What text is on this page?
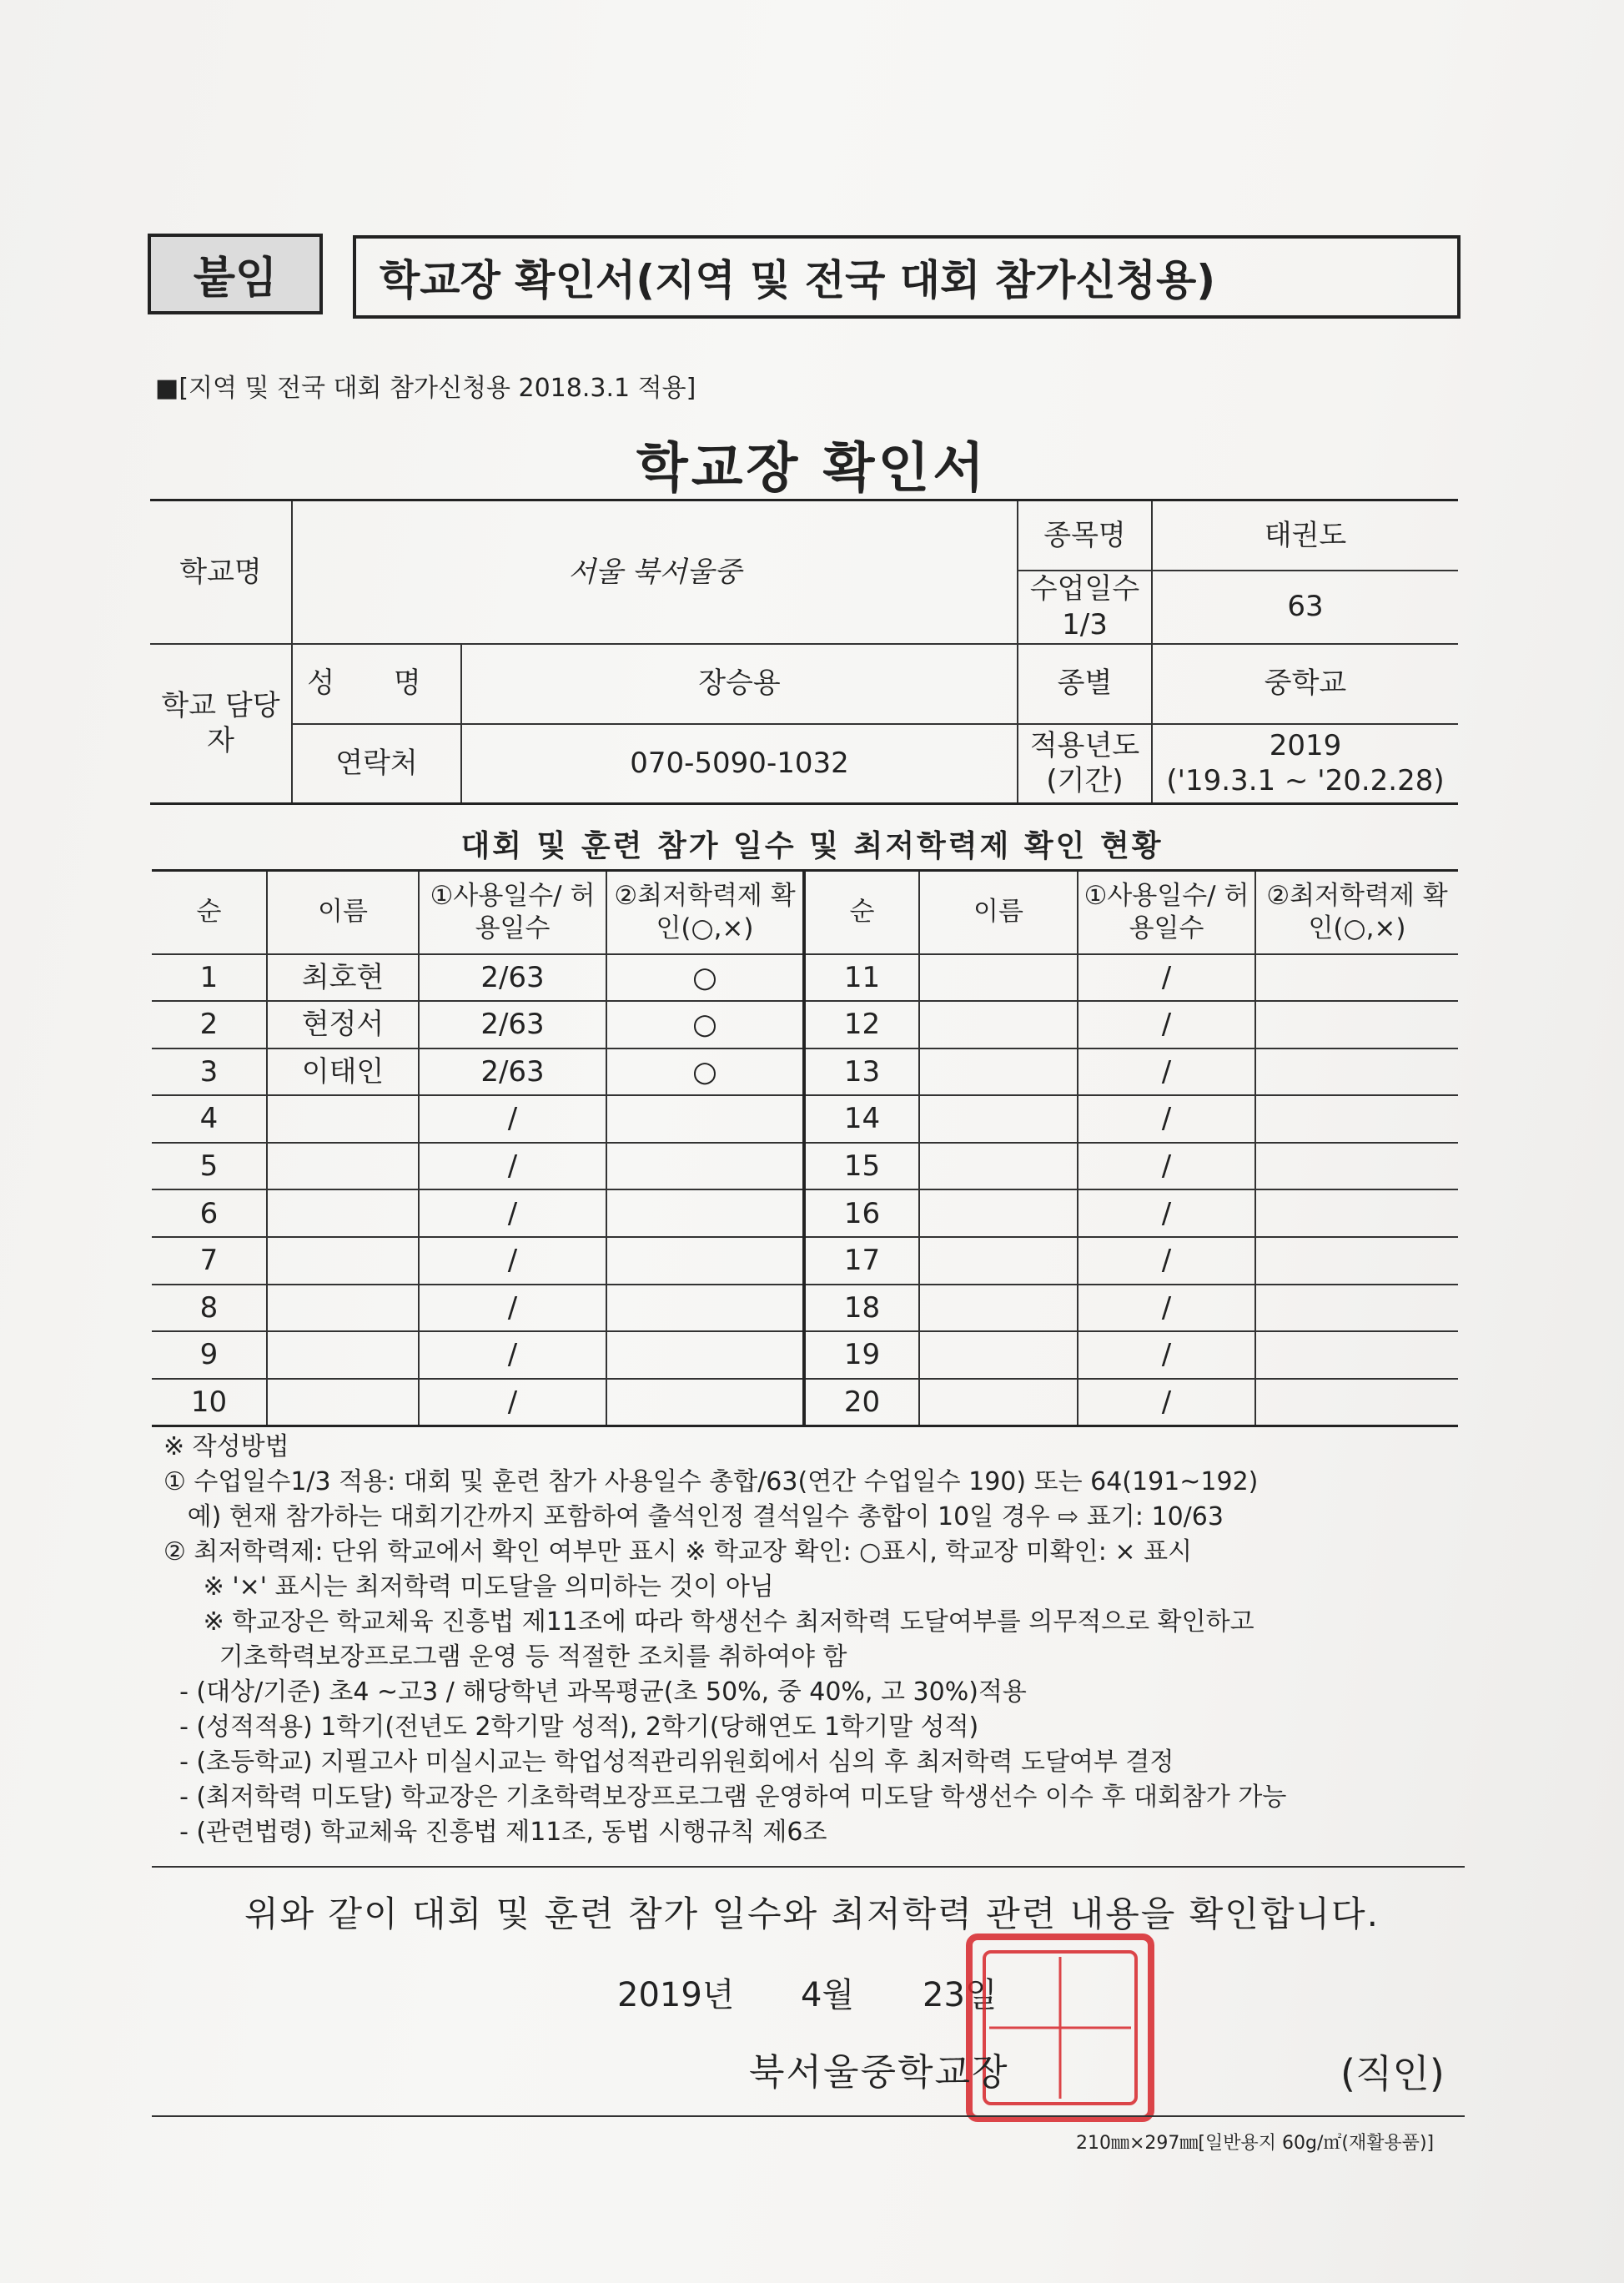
붙임	학교장 확인서(지역 및 전국 대회 참가신청용)
■[지역 및 전국 대회 참가신청용 2018.3.1 적용]
학교장 확인서
학교명	서울 북서울중		종목명	태권도
			수업일수 1/3	63
학교 담당자	성 명	장승용	종별	중학교
	연락처	070-5090-1032	적용년도 (기간)	2019
('19.3.1 ~ '20.2.28)
대회 및 훈련 참가 일수 및 최저학력제 확인 현황
순	이름	①사용일수/ 허용일수	②최저학력제 확인(○,×)	순	이름	①사용일수/ 허용일수	②최저학력제 확인(○,×)
1	최호현	2/63	○	11		/	
2	현정서	2/63	○	12		/	
3	이태인	2/63	○	13		/	
4		/		14		/	
5		/		15		/	
6		/		16		/	
7		/		17		/	
8		/		18		/	
9		/		19		/	
10		/		20		/	
※ 작성방법
① 수업일수1/3 적용: 대회 및 훈련 참가 사용일수 총합/63(연간 수업일수 190) 또는 64(191~192)
예) 현재 참가하는 대회기간까지 포함하여 출석인정 결석일수 총합이 10일 경우 ⇨ 표기: 10/63
② 최저학력제: 단위 학교에서 확인 여부만 표시 ※ 학교장 확인: ○표시, 학교장 미확인: × 표시
※ '×' 표시는 최저학력 미도달을 의미하는 것이 아님
※ 학교장은 학교체육 진흥법 제11조에 따라 학생선수 최저학력 도달여부를 의무적으로 확인하고
기초학력보장프로그램 운영 등 적절한 조치를 취하여야 함
- (대상/기준) 초4 ~고3 / 해당학년 과목평균(초 50%, 중 40%, 고 30%)적용
- (성적적용) 1학기(전년도 2학기말 성적), 2학기(당해연도 1학기말 성적)
- (초등학교) 지필고사 미실시교는 학업성적관리위원회에서 심의 후 최저학력 도달여부 결정
- (최저학력 미도달) 학교장은 기초학력보장프로그램 운영하여 미도달 학생선수 이수 후 대회참가 가능
- (관련법령) 학교체육 진흥법 제11조, 동법 시행규칙 제6조
위와 같이 대회 및 훈련 참가 일수와 최저학력 관련 내용을 확인합니다.
2019년 4월 23일
북서울중학교장	(직인)
210㎜×297㎜[일반용지 60g/㎡(재활용품)]
